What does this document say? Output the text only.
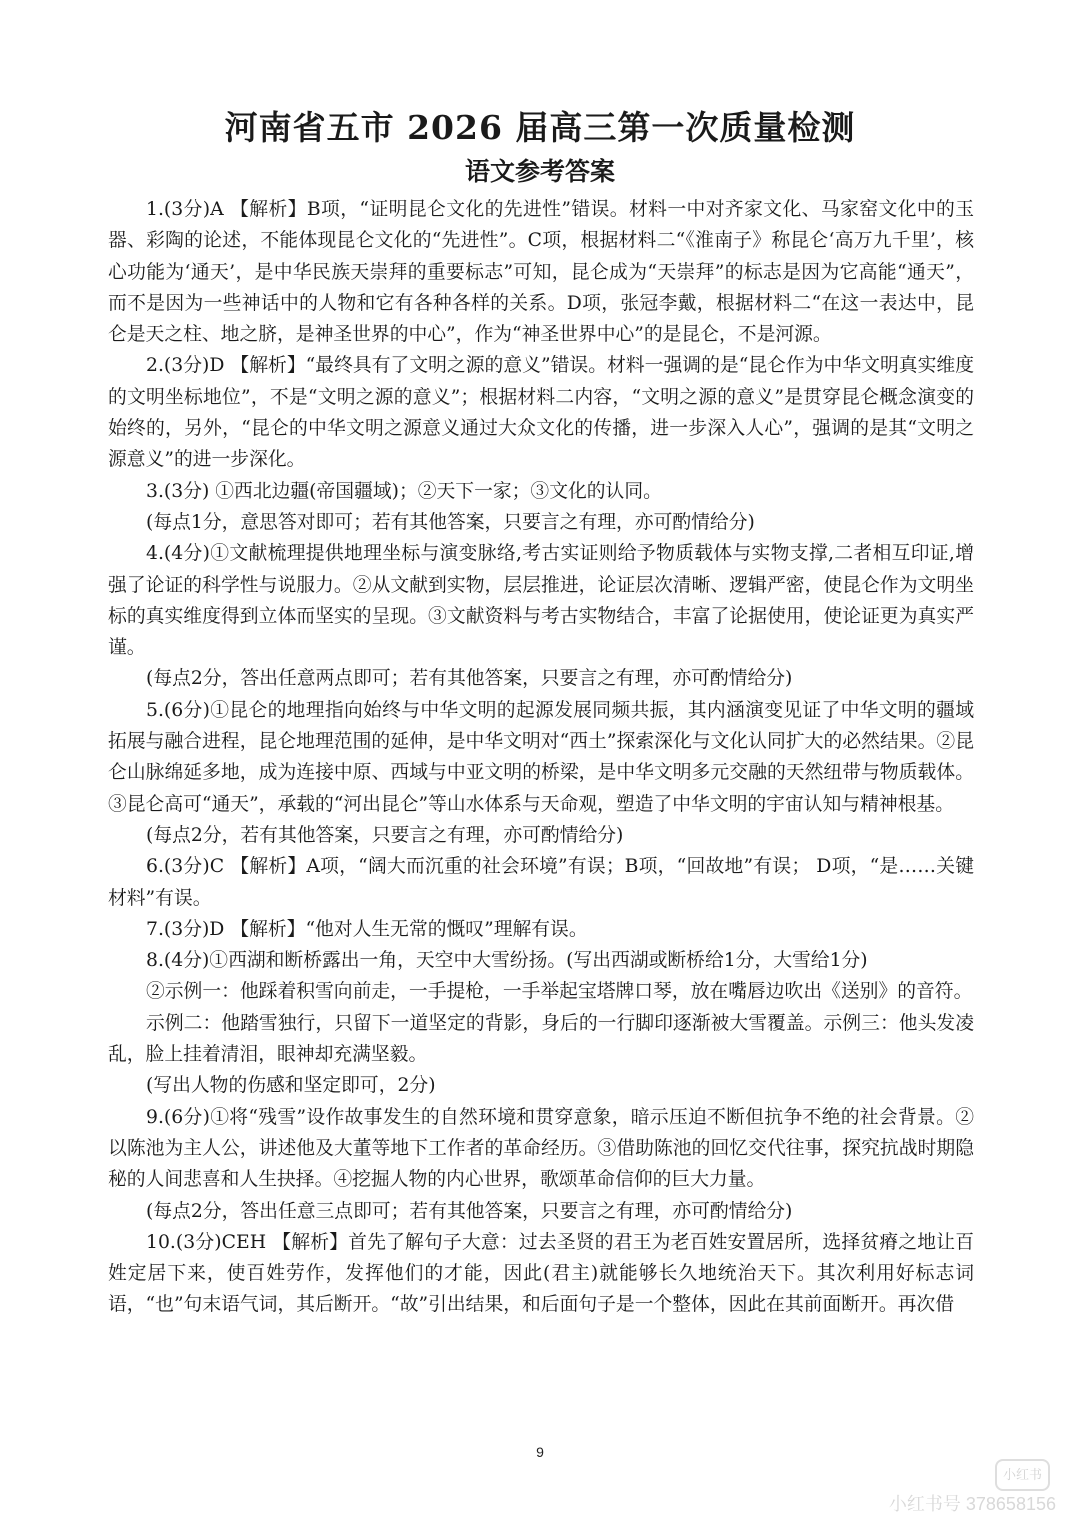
河南省五市 2026 届高三第一次质量检测
语文参考答案

1.(3分)A 【解析】B项，“证明昆仑文化的先进性”错误。材料一中对齐家文化、马家窑文化中的玉器、彩陶的论述，不能体现昆仑文化的“先进性”。C项，根据材料二“《淮南子》称昆仑‘高万九千里’，核心功能为‘通天’，是中华民族天崇拜的重要标志”可知，昆仑成为“天崇拜”的标志是因为它高能“通天”，而不是因为一些神话中的人物和它有各种各样的关系。D项，张冠李戴，根据材料二“在这一表达中，昆仑是天之柱、地之脐，是神圣世界的中心”，作为“神圣世界中心”的是昆仑，不是河源。

2.(3分)D 【解析】“最终具有了文明之源的意义”错误。材料一强调的是“昆仑作为中华文明真实维度的文明坐标地位”，不是“文明之源的意义”；根据材料二内容，“文明之源的意义”是贯穿昆仑概念演变的始终的，另外，“昆仑的中华文明之源意义通过大众文化的传播，进一步深入人心”，强调的是其“文明之源意义”的进一步深化。

3.(3分) ①西北边疆(帝国疆域)；②天下一家；③文化的认同。

(每点1分，意思答对即可；若有其他答案，只要言之有理，亦可酌情给分)

4.(4分)①文献梳理提供地理坐标与演变脉络,考古实证则给予物质载体与实物支撑,二者相互印证,增强了论证的科学性与说服力。②从文献到实物，层层推进，论证层次清晰、逻辑严密，使昆仑作为文明坐标的真实维度得到立体而坚实的呈现。③文献资料与考古实物结合，丰富了论据使用，使论证更为真实严谨。

(每点2分，答出任意两点即可；若有其他答案，只要言之有理，亦可酌情给分)

5.(6分)①昆仑的地理指向始终与中华文明的起源发展同频共振，其内涵演变见证了中华文明的疆域拓展与融合进程，昆仑地理范围的延伸，是中华文明对“西土”探索深化与文化认同扩大的必然结果。②昆仑山脉绵延多地，成为连接中原、西域与中亚文明的桥梁，是中华文明多元交融的天然纽带与物质载体。③昆仑高可“通天”，承载的“河出昆仑”等山水体系与天命观，塑造了中华文明的宇宙认知与精神根基。

(每点2分，若有其他答案，只要言之有理，亦可酌情给分)

6.(3分)C 【解析】A项，“阔大而沉重的社会环境”有误；B项，“回故地”有误； D项，“是……关键材料”有误。

7.(3分)D 【解析】“他对人生无常的慨叹”理解有误。

8.(4分)①西湖和断桥露出一角，天空中大雪纷扬。(写出西湖或断桥给1分，大雪给1分)

②示例一：他踩着积雪向前走，一手提枪，一手举起宝塔牌口琴，放在嘴唇边吹出《送别》的音符。

示例二：他踏雪独行，只留下一道坚定的背影，身后的一行脚印逐渐被大雪覆盖。示例三：他头发凌乱，脸上挂着清泪，眼神却充满坚毅。

(写出人物的伤感和坚定即可，2分)

9.(6分)①将“残雪”设作故事发生的自然环境和贯穿意象，暗示压迫不断但抗争不绝的社会背景。②以陈池为主人公，讲述他及大董等地下工作者的革命经历。③借助陈池的回忆交代往事，探究抗战时期隐秘的人间悲喜和人生抉择。④挖掘人物的内心世界，歌颂革命信仰的巨大力量。

(每点2分，答出任意三点即可；若有其他答案，只要言之有理，亦可酌情给分)

10.(3分)CEH 【解析】首先了解句子大意：过去圣贤的君王为老百姓安置居所，选择贫瘠之地让百姓定居下来，使百姓劳作，发挥他们的才能，因此(君主)就能够长久地统治天下。其次利用好标志词语，“也”句末语气词，其后断开。“故”引出结果，和后面句子是一个整体，因此在其前面断开。再次借

9
小红书
小红书号 378658156
